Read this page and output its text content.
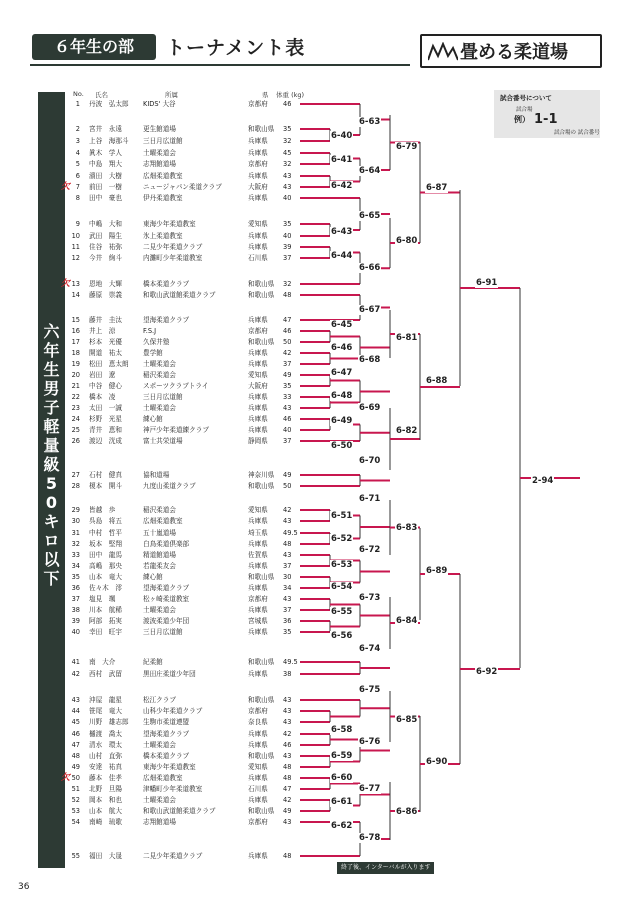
６年生の部	トーナメント表	畳める柔道場
試合番号について
試合場
例） 1-1
試合場の 試合番号
六
年
生
男
子
軽
量
級
5
0
キ
ロ
以
下
No. 氏名	所属	県 体重 (kg)
1 丹波　弘太郎 KIDS' 大谷	京都府 46
2 宮井　永遠	更生館道場	和歌山県 35
3 上谷　海那斗 三日月広道館	兵庫県 32
4 眞木　学人	土曜柔道会	兵庫県 45
5 中島　翔大	志翔館道場	京都府 32
6 濱田　大樹	広畑柔道教室	兵庫県 43
欠 7 前田　一樹	ニュージャパン柔道クラブ	大阪府 43
8 田中　豪也	伊丹柔道教室	兵庫県 40
9 中嶋　大和	東海少年柔道教室	愛知県 35
10 武田　陽生	氷上柔道教室	兵庫県 40
11 住谷　祐弥	二見少年柔道クラブ	兵庫県 39
12 今井　絢斗	内灘町少年柔道教室	石川県 37
欠 13 恩地　大輝	橋本柔道クラブ	和歌山県 32
14 藤原　崇義	和歌山武道館柔道クラブ	和歌山県 48
15 藤井　圭汰	望海柔道クラブ	兵庫県 47
16 井上　涼	F.S.J	京都府 46
17 杉本　光優	久保井塾	和歌山県 50
18 開道　祐太	豊学館	兵庫県 42
19 松田　恵太朗 土曜柔道会	兵庫県 37
20 岩田　遼	稲沢柔道会	愛知県 49
21 中谷　健心	スポーツクラブトライ	大阪府 35
22 橋本　凌	三日月広道館	兵庫県 33
23 太田　一誠	土曜柔道会	兵庫県 43
24 杉野　光星	練心館	兵庫県 46
25 青井　恵和	神戸少年柔道練クラブ	兵庫県 40
26 渡辺　洸成	富士共栄道場	静岡県 37
27 石村　健真	協和道場	神奈川県 49
28 榎本　開斗	九度山柔道クラブ	和歌山県 50
29 皆越　歩	稲沢柔道会	愛知県 42
30 呉島　将五	広畑柔道教室	兵庫県 43
31 中村　哲平	五十嵐道場	埼玉県 49.5
32 坂本　堅翔	白鳥柔道倶楽部	兵庫県 48
33 田中　龍馬	精道館道場	佐賀県 43
34 高嶋　那央	若龍柔友会	兵庫県 37
35 山本　竜大	練心館	和歌山県 30
36 佐々木　澪	望海柔道クラブ	兵庫県 34
37 塩見　颯	松ヶ崎柔道教室	京都府 43
38 川本　航稀	土曜柔道会	兵庫県 37
39 阿部　拓実	渡波柔道少年団	宮城県 36
40 幸田　旺宇	三日月広道館	兵庫県 35
41 南　大介	紀柔館	和歌山県 49.5
42 西村　武留	黒田庄柔道少年団	兵庫県 38
43 沖屋　龍星	松江クラブ	和歌山県 43
44 笹尾　竜大	山科少年柔道クラブ	京都府 43
45 川野　雄志郎 生駒市柔道連盟	奈良県 43
46 樋渡　喬太	望海柔道クラブ	兵庫県 42
47 清水　環太	土曜柔道会	兵庫県 46
48 山村　直弥	橋本柔道クラブ	和歌山県 43
49 安達　祐真	東海少年柔道教室	愛知県 48
欠 50 藤本　佳孝	広畑柔道教室	兵庫県 48
51 北野　旦陽	津幡町少年柔道教室	石川県 47
52 岡本　和也	土曜柔道会	兵庫県 42
53 山本　航大	和歌山武道館柔道クラブ	和歌山県 49
54 南崎　琉歌	志翔館道場	京都府 43
55 福田　大晟	二見少年柔道クラブ	兵庫県 48
6-63
6-40
6-79
6-41
6-64
6-42	6-87
6-65
6-43
6-80
6-44
6-66
6-91
6-67
6-45
6-81
6-46
6-68
6-88
6-47
6-48
6-69
6-82
6-49
6-50
6-70
2-94
6-71
6-51
6-83
6-52
6-72
6-53
6-89
6-54
6-73
6-84
6-55
6-56
6-74
6-92
6-75
6-85
6-58
6-76
6-59
6-90
6-60
6-77
6-86
6-61
6-62
6-78
終了後、インターバルが入ります
36
